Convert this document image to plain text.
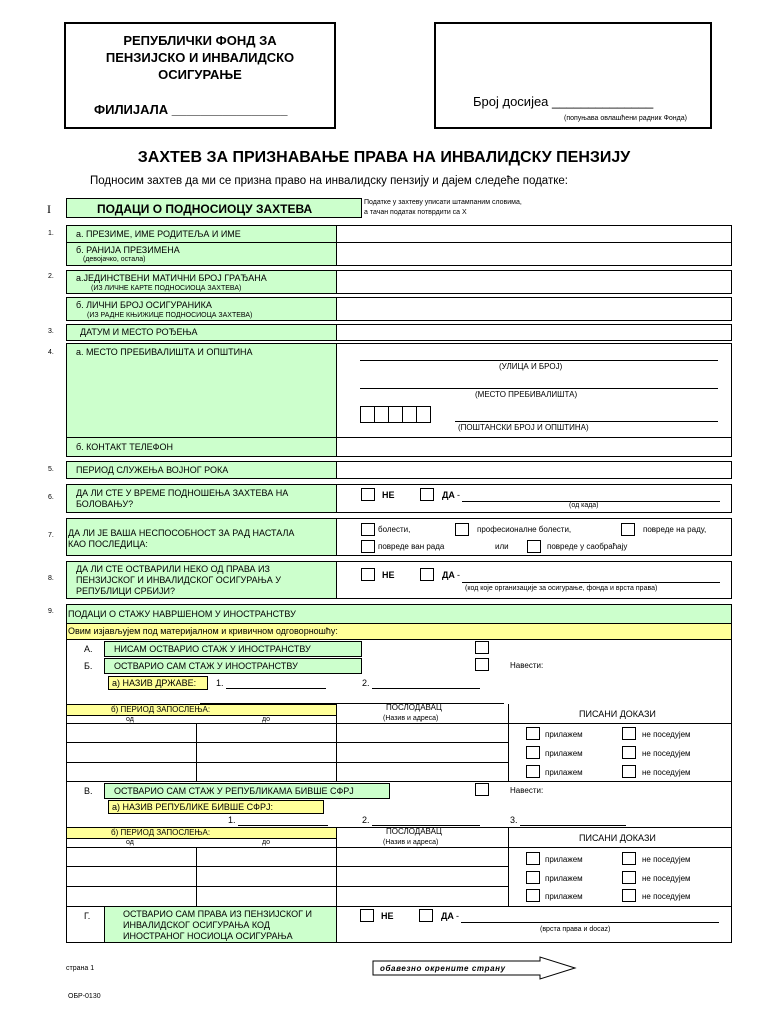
РЕПУБЛИЧКИ ФОНД ЗА
ПЕНЗИЈСКО И ИНВАЛИДСКО
ОСИГУРАЊЕ
ФИЛИЈАЛА ________________
Број досијеа ______________
(попуњава овлашћени радник Фонда)
ЗАХТЕВ ЗА ПРИЗНАВАЊЕ ПРАВА НА ИНВАЛИДСКУ ПЕНЗИЈУ
Подносим захтев да ми се призна право на инвалидску пензију и дајем следеће податке:
I	ПОДАЦИ О ПОДНОСИОЦУ ЗАХТЕВА	Податке у захтеву уписати штампаним словима,
а тачан податак потврдити са Х
1. а. ПРЕЗИМЕ, ИМЕ РОДИТЕЉА И ИМЕ
б. РАНИЈА ПРЕЗИМЕНА
(девојачко, остала)
2. а.ЈЕДИНСТВЕНИ МАТИЧНИ БРОЈ ГРАЂАНА
(ИЗ ЛИЧНЕ КАРТЕ ПОДНОСИОЦА ЗАХТЕВА)
б. ЛИЧНИ БРОЈ ОСИГУРАНИКА
(ИЗ РАДНЕ КЊИЖИЦЕ ПОДНОСИОЦА ЗАХТЕВА)
3.	ДАТУМ И МЕСТО РОЂЕЊА
4. а. МЕСТО ПРЕБИВАЛИШТА И ОПШТИНА
(УЛИЦА И БРОЈ)
(МЕСТО ПРЕБИВАЛИШТА)
(ПОШТАНСКИ БРОЈ И ОПШТИНА)
б. КОНТАКТ ТЕЛЕФОН
5. ПЕРИОД СЛУЖЕЊА ВОЈНОГ РОКА
6. ДА ЛИ СТЕ У ВРЕМЕ ПОДНОШЕЊА ЗАХТЕВА НА
БОЛОВАЊУ?
НЕ	ДА -
(од када)
7. ДА ЛИ ЈЕ ВАША НЕСПОСОБНОСТ ЗА РАД НАСТАЛА
КАО ПОСЛЕДИЦА:
болести,	професионалне болести,	повреде на раду,
повреде ван рада	или	повреде у саобраћају
8.
ДА ЛИ СТЕ ОСТВАРИЛИ НЕКО ОД ПРАВА ИЗ
ПЕНЗИЈСКОГ И ИНВАЛИДСКОГ ОСИГУРАЊА У
РЕПУБЛИЦИ СРБИЈИ?
НЕ	ДА -
(код које организације за осигурање, фонда и врста права)
9. ПОДАЦИ О СТАЖУ НАВРШЕНОМ У ИНОСТРАНСТВУ
Овим изјављујем под материјалном и кривичном одговорношћу:
А. НИСАМ ОСТВАРИО СТАЖ У ИНОСТРАНСТВУ
Б. ОСТВАРИО САМ СТАЖ У ИНОСТРАНСТВУ	Навести:
a) НАЗИВ ДРЖАВЕ: 1.	2.
б) ПЕРИОД ЗАПОСЛЕЊА:
од	до
ПОСЛОДАВАЦ
(Назив и адреса)	ПИСАНИ ДОКАЗИ
прилажем	не поседујем
прилажем	не поседујем
прилажем	не поседујем
В. ОСТВАРИО САМ СТАЖ У РЕПУБЛИКАМА БИВШЕ СФРЈ	Навести:
а) НАЗИВ РЕПУБЛИКЕ БИВШЕ СФРЈ:
1.	2.	3.
б) ПЕРИОД ЗАПОСЛЕЊА:
од	до
ПОСЛОДАВАЦ
(Назив и адреса)	ПИСАНИ ДОКАЗИ
прилажем	не поседујем
прилажем	не поседујем
прилажем	не поседујем
Г.	ОСТВАРИО САМ ПРАВА ИЗ ПЕНЗИЈСКОГ И
ИНВАЛИДСКОГ ОСИГУРАЊА КОД
ИНОСТРАНОГ НОСИОЦА ОСИГУРАЊА
НЕ	ДА -
(врста права и docaz)
страна 1	обавезно окрените страну
ОБР-0130
